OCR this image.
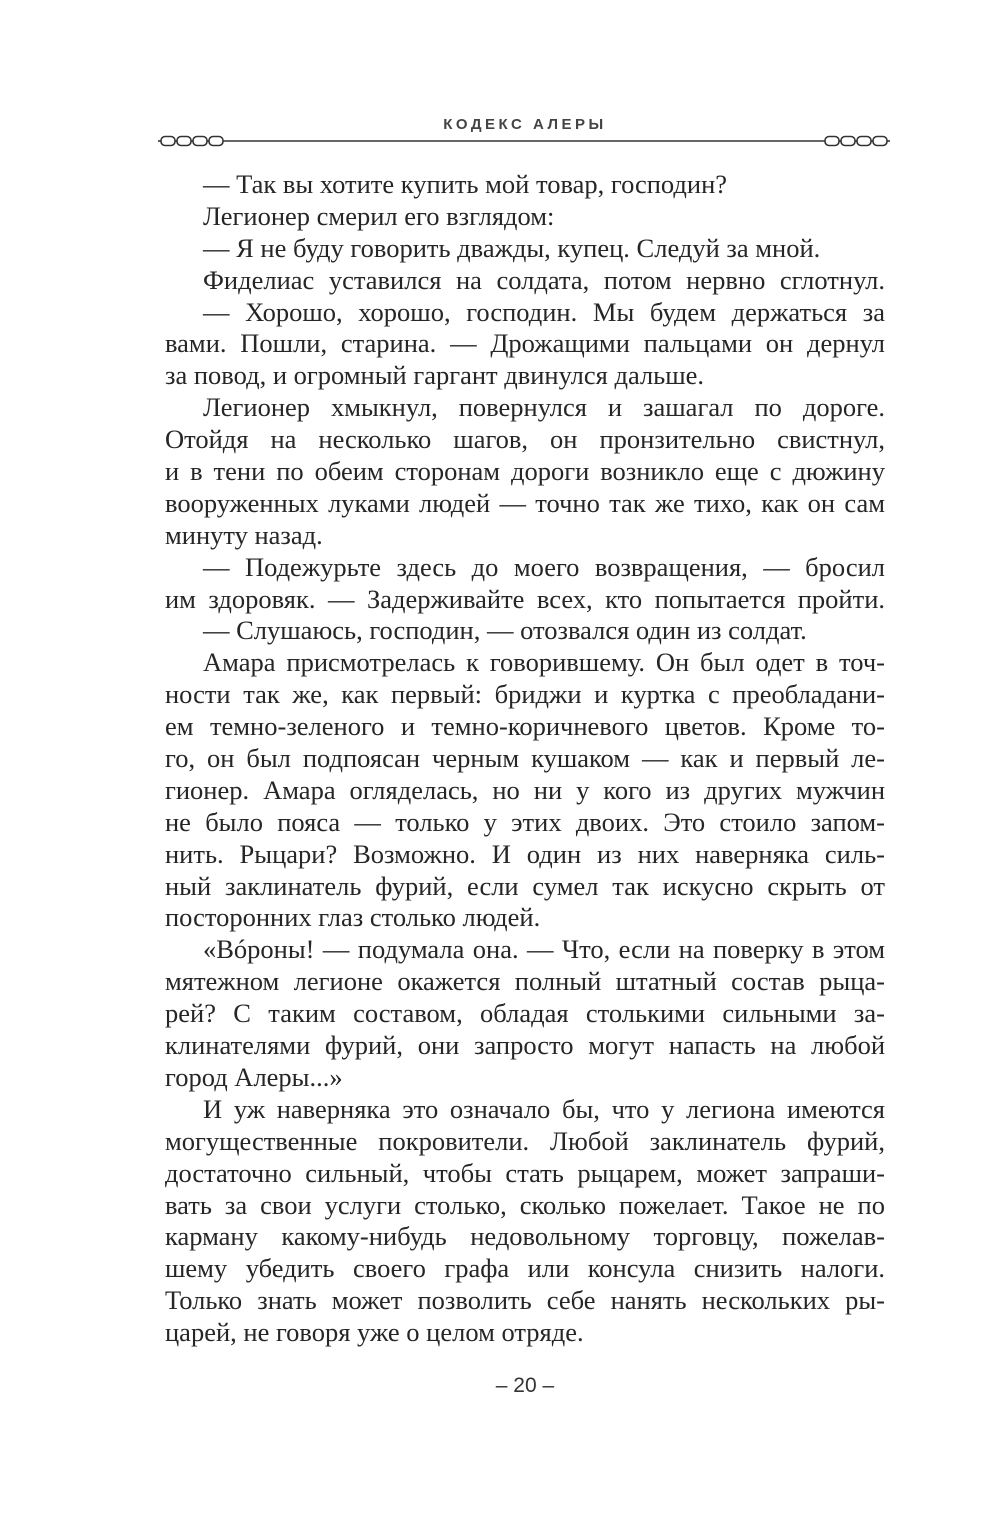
КОДЕКС АЛЕРЫ
— Так вы хотите купить мой товар, господин?
Легионер смерил его взглядом:
— Я не буду говорить дважды, купец. Следуй за мной.
Фиделиас уставился на солдата, потом нервно сглотнул.
— Хорошо, хорошо, господин. Мы будем держаться за
вами. Пошли, старина. — Дрожащими пальцами он дернул
за повод, и огромный гаргант двинулся дальше.
Легионер хмыкнул, повернулся и зашагал по дороге.
Отойдя на несколько шагов, он пронзительно свистнул,
и в тени по обеим сторонам дороги возникло еще с дюжину
вооруженных луками людей — точно так же тихо, как он сам
минуту назад.
— Подежурьте здесь до моего возвращения, — бросил
им здоровяк. — Задерживайте всех, кто попытается пройти.
— Слушаюсь, господин, — отозвался один из солдат.
Амара присмотрелась к говорившему. Он был одет в точ-
ности так же, как первый: бриджи и куртка с преобладани-
ем темно-зеленого и темно-коричневого цветов. Кроме то-
го, он был подпоясан черным кушаком — как и первый ле-
гионер. Амара огляделась, но ни у кого из других мужчин
не было пояса — только у этих двоих. Это стоило запом-
нить. Рыцари? Возможно. И один из них наверняка силь-
ный заклинатель фурий, если сумел так искусно скрыть от
посторонних глаз столько людей.
«Вóроны! — подумала она. — Что, если на поверку в этом
мятежном легионе окажется полный штатный состав рыца-
рей? С таким составом, обладая столькими сильными за-
клинателями фурий, они запросто могут напасть на любой
город Алеры...»
И уж наверняка это означало бы, что у легиона имеются
могущественные покровители. Любой заклинатель фурий,
достаточно сильный, чтобы стать рыцарем, может запраши-
вать за свои услуги столько, сколько пожелает. Такое не по
карману какому-нибудь недовольному торговцу, пожелав-
шему убедить своего графа или консула снизить налоги.
Только знать может позволить себе нанять нескольких ры-
царей, не говоря уже о целом отряде.
– 20 –
